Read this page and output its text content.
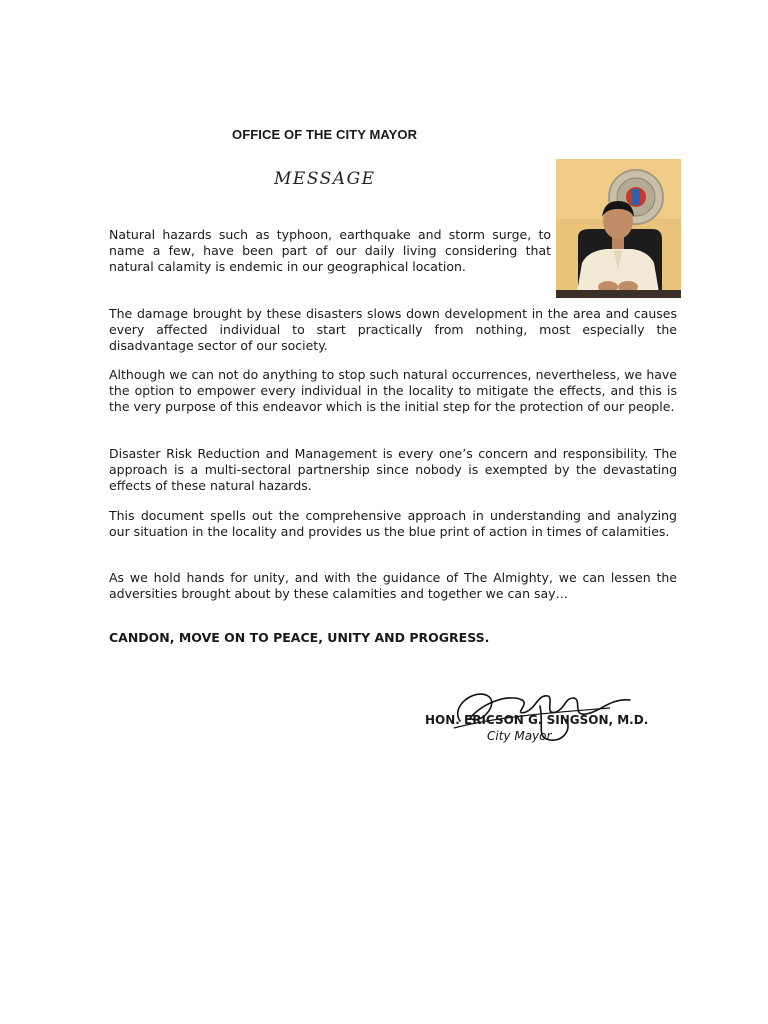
OFFICE OF THE CITY MAYOR
MESSAGE

Natural hazards such as typhoon, earthquake and storm surge, to name a few, have been part of our daily living considering that natural calamity is endemic in our geographical location.

The damage brought by these disasters slows down development in the area and causes every affected individual to start practically from nothing, most especially the disadvantage sector of our society.

Although we can not do anything to stop such natural occurrences, nevertheless, we have the option to empower every individual in the locality to mitigate the effects, and this is the very purpose of this endeavor which is the initial step for the protection of our people.

Disaster Risk Reduction and Management is every one’s concern and responsibility. The approach is a multi-sectoral partnership since nobody is exempted by the devastating effects of these natural hazards.

This document spells out the comprehensive approach in understanding and analyzing our situation in the locality and provides us the blue print of action in times of calamities.

As we hold hands for unity, and with the guidance of The Almighty, we can lessen the adversities brought about by these calamities and together we can say…

CANDON, MOVE ON TO PEACE, UNITY AND PROGRESS.
HON. ERICSON G. SINGSON, M.D.
City Mayor
